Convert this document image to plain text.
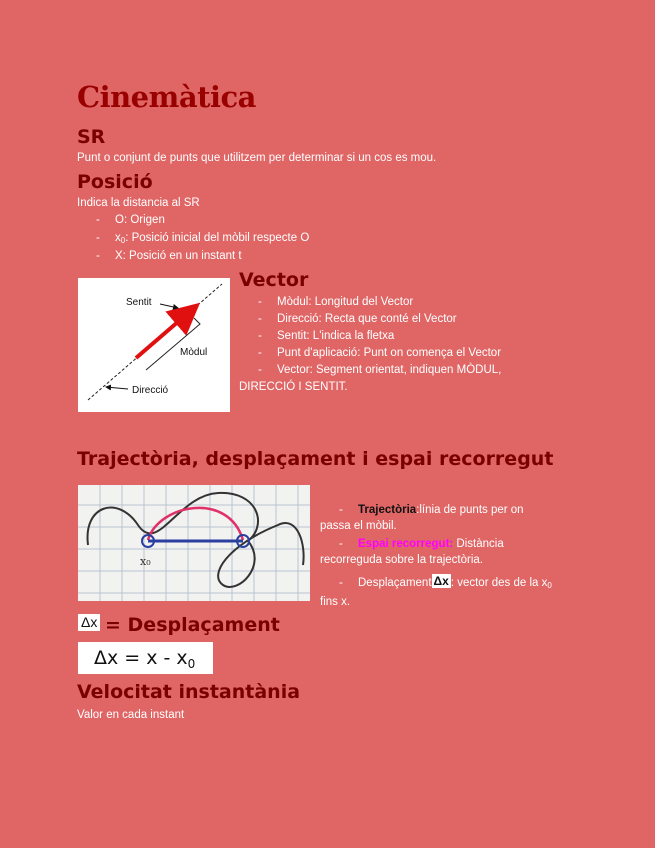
Cinemàtica
SR

Punt o conjunt de punts que utilitzem per determinar si un cos es mou.

Posició

Indica la distancia al SR

- O: Origen
- $x_0$: Posició inicial del mòbil respecte O
- X: Posició en un instant t
Sentit
Mòdul
Direcció
Vector
- Mòdul: Longitud del Vector
- Direcció: Recta que conté el Vector
- Sentit: L'indica la fletxa
- Punt d'aplicació: Punt on comença el Vector
- Vector: Segment orientat, indiquen MÒDUL,
DIRECCIÓ I SENTIT.
Trajectòria, desplaçament i espai recorregut
x₀
- Trajectòria:línia de punts per on
passa el mòbil.
- Espai recorregut: Distància
recorreguda sobre la trajectòria.
- Desplaçament Δx : vector des de la $x_0$
fins x.
Δx = Desplaçament
$\Delta x = x - x_0$
Velocitat instantània

Valor en cada instant
